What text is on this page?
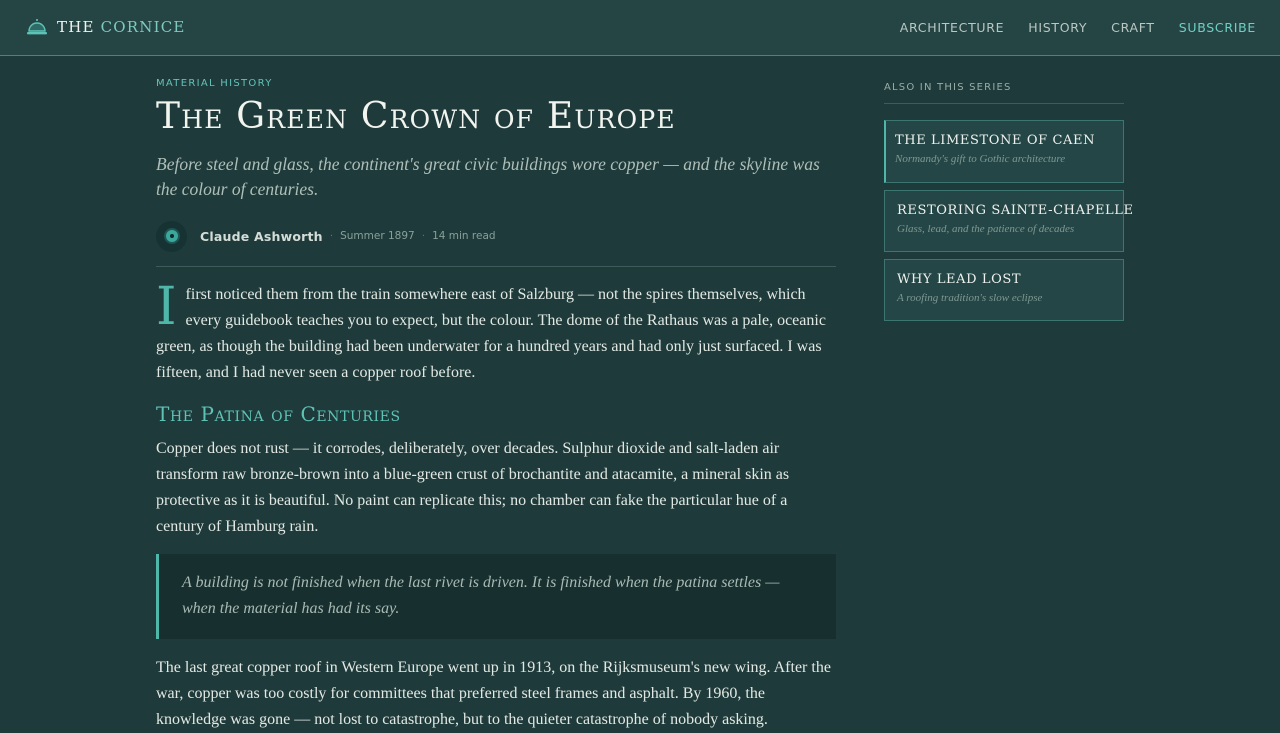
THE CORNICE	ARCHITECTURE HISTORY CRAFT SUBSCRIBE
MATERIAL HISTORY
The Green Crown of Europe

Before steel and glass, the continent's great civic buildings wore copper — and the skyline was the colour of centuries.

Claude Ashworth · Summer 1897 · 14 min read

Ifirst noticed them from the train somewhere east of Salzburg — not the spires themselves, which every guidebook teaches you to expect, but the colour. The dome of the Rathaus was a pale, oceanic green, as though the building had been underwater for a hundred years and had only just surfaced. I was fifteen, and I had never seen a copper roof before.

The Patina of Centuries

Copper does not rust — it corrodes, deliberately, over decades. Sulphur dioxide and salt-laden air transform raw bronze-brown into a blue-green crust of brochantite and atacamite, a mineral skin as protective as it is beautiful. No paint can replicate this; no chamber can fake the particular hue of a century of Hamburg rain.

A building is not finished when the last rivet is driven. It is finished when the patina settles — when the material has had its say.

The last great copper roof in Western Europe went up in 1913, on the Rijksmuseum's new wing. After the war, copper was too costly for committees that preferred steel frames and asphalt. By 1960, the knowledge was gone — not lost to catastrophe, but to the quieter catastrophe of nobody asking.

ALSO IN THIS SERIES
THE LIMESTONE OF CAEN
Normandy's gift to Gothic architecture
RESTORING SAINTE-CHAPELLE
Glass, lead, and the patience of decades
WHY LEAD LOST
A roofing tradition's slow eclipse
